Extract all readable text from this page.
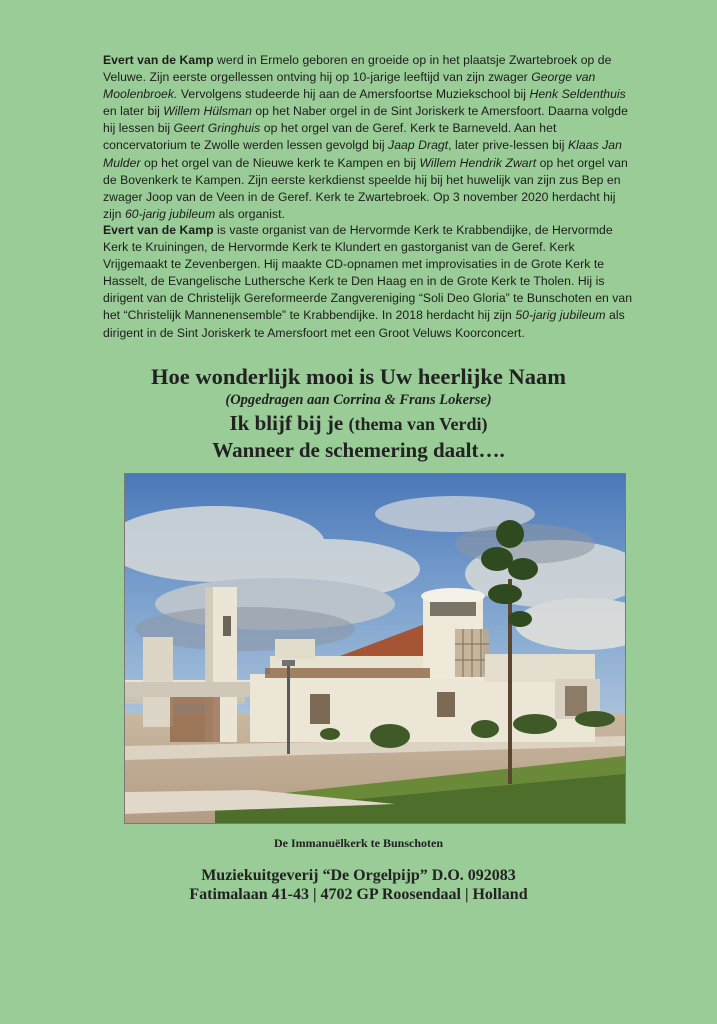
Evert van de Kamp werd in Ermelo geboren en groeide op in het plaatsje Zwartebroek op de Veluwe. Zijn eerste orgellessen ontving hij op 10-jarige leeftijd van zijn zwager George van Moolenbroek. Vervolgens studeerde hij aan de Amersfoortse Muziekschool bij Henk Seldenthuis en later bij Willem Hülsman op het Naber orgel in de Sint Joriskerk te Amersfoort. Daarna volgde hij lessen bij Geert Gringhuis op het orgel van de Geref. Kerk te Barneveld. Aan het concervatorium te Zwolle werden lessen gevolgd bij Jaap Dragt, later prive-lessen bij Klaas Jan Mulder op het orgel van de Nieuwe kerk te Kampen en bij Willem Hendrik Zwart op het orgel van de Bovenkerk te Kampen. Zijn eerste kerkdienst speelde hij bij het huwelijk van zijn zus Bep en zwager Joop van de Veen in de Geref. Kerk te Zwartebroek. Op 3 november 2020 herdacht hij zijn 60-jarig jubileum als organist.

Evert van de Kamp is vaste organist van de Hervormde Kerk te Krabbendijke, de Hervormde Kerk te Kruiningen, de Hervormde Kerk te Klundert en gastorganist van de Geref. Kerk Vrijgemaakt te Zevenbergen. Hij maakte CD-opnamen met improvisaties in de Grote Kerk te Hasselt, de Evangelische Luthersche Kerk te Den Haag en in de Grote Kerk te Tholen. Hij is dirigent van de Christelijk Gereformeerde Zangvereniging “Soli Deo Gloria” te Bunschoten en van het “Christelijk Mannenensemble” te Krabbendijke. In 2018 herdacht hij zijn 50-jarig jubileum als dirigent in de Sint Joriskerk te Amersfoort met een Groot Veluws Koorconcert.

Hoe wonderlijk mooi is Uw heerlijke Naam
(Opgedragen aan Corrina & Frans Lokerse)
Ik blijf bij je (thema van Verdi)
Wanneer de schemering daalt….
De Immanuëlkerk te Bunschoten
Muziekuitgeverij “De Orgelpijp” D.O. 092083
Fatimalaan 41-43 | 4702 GP Roosendaal | Holland
